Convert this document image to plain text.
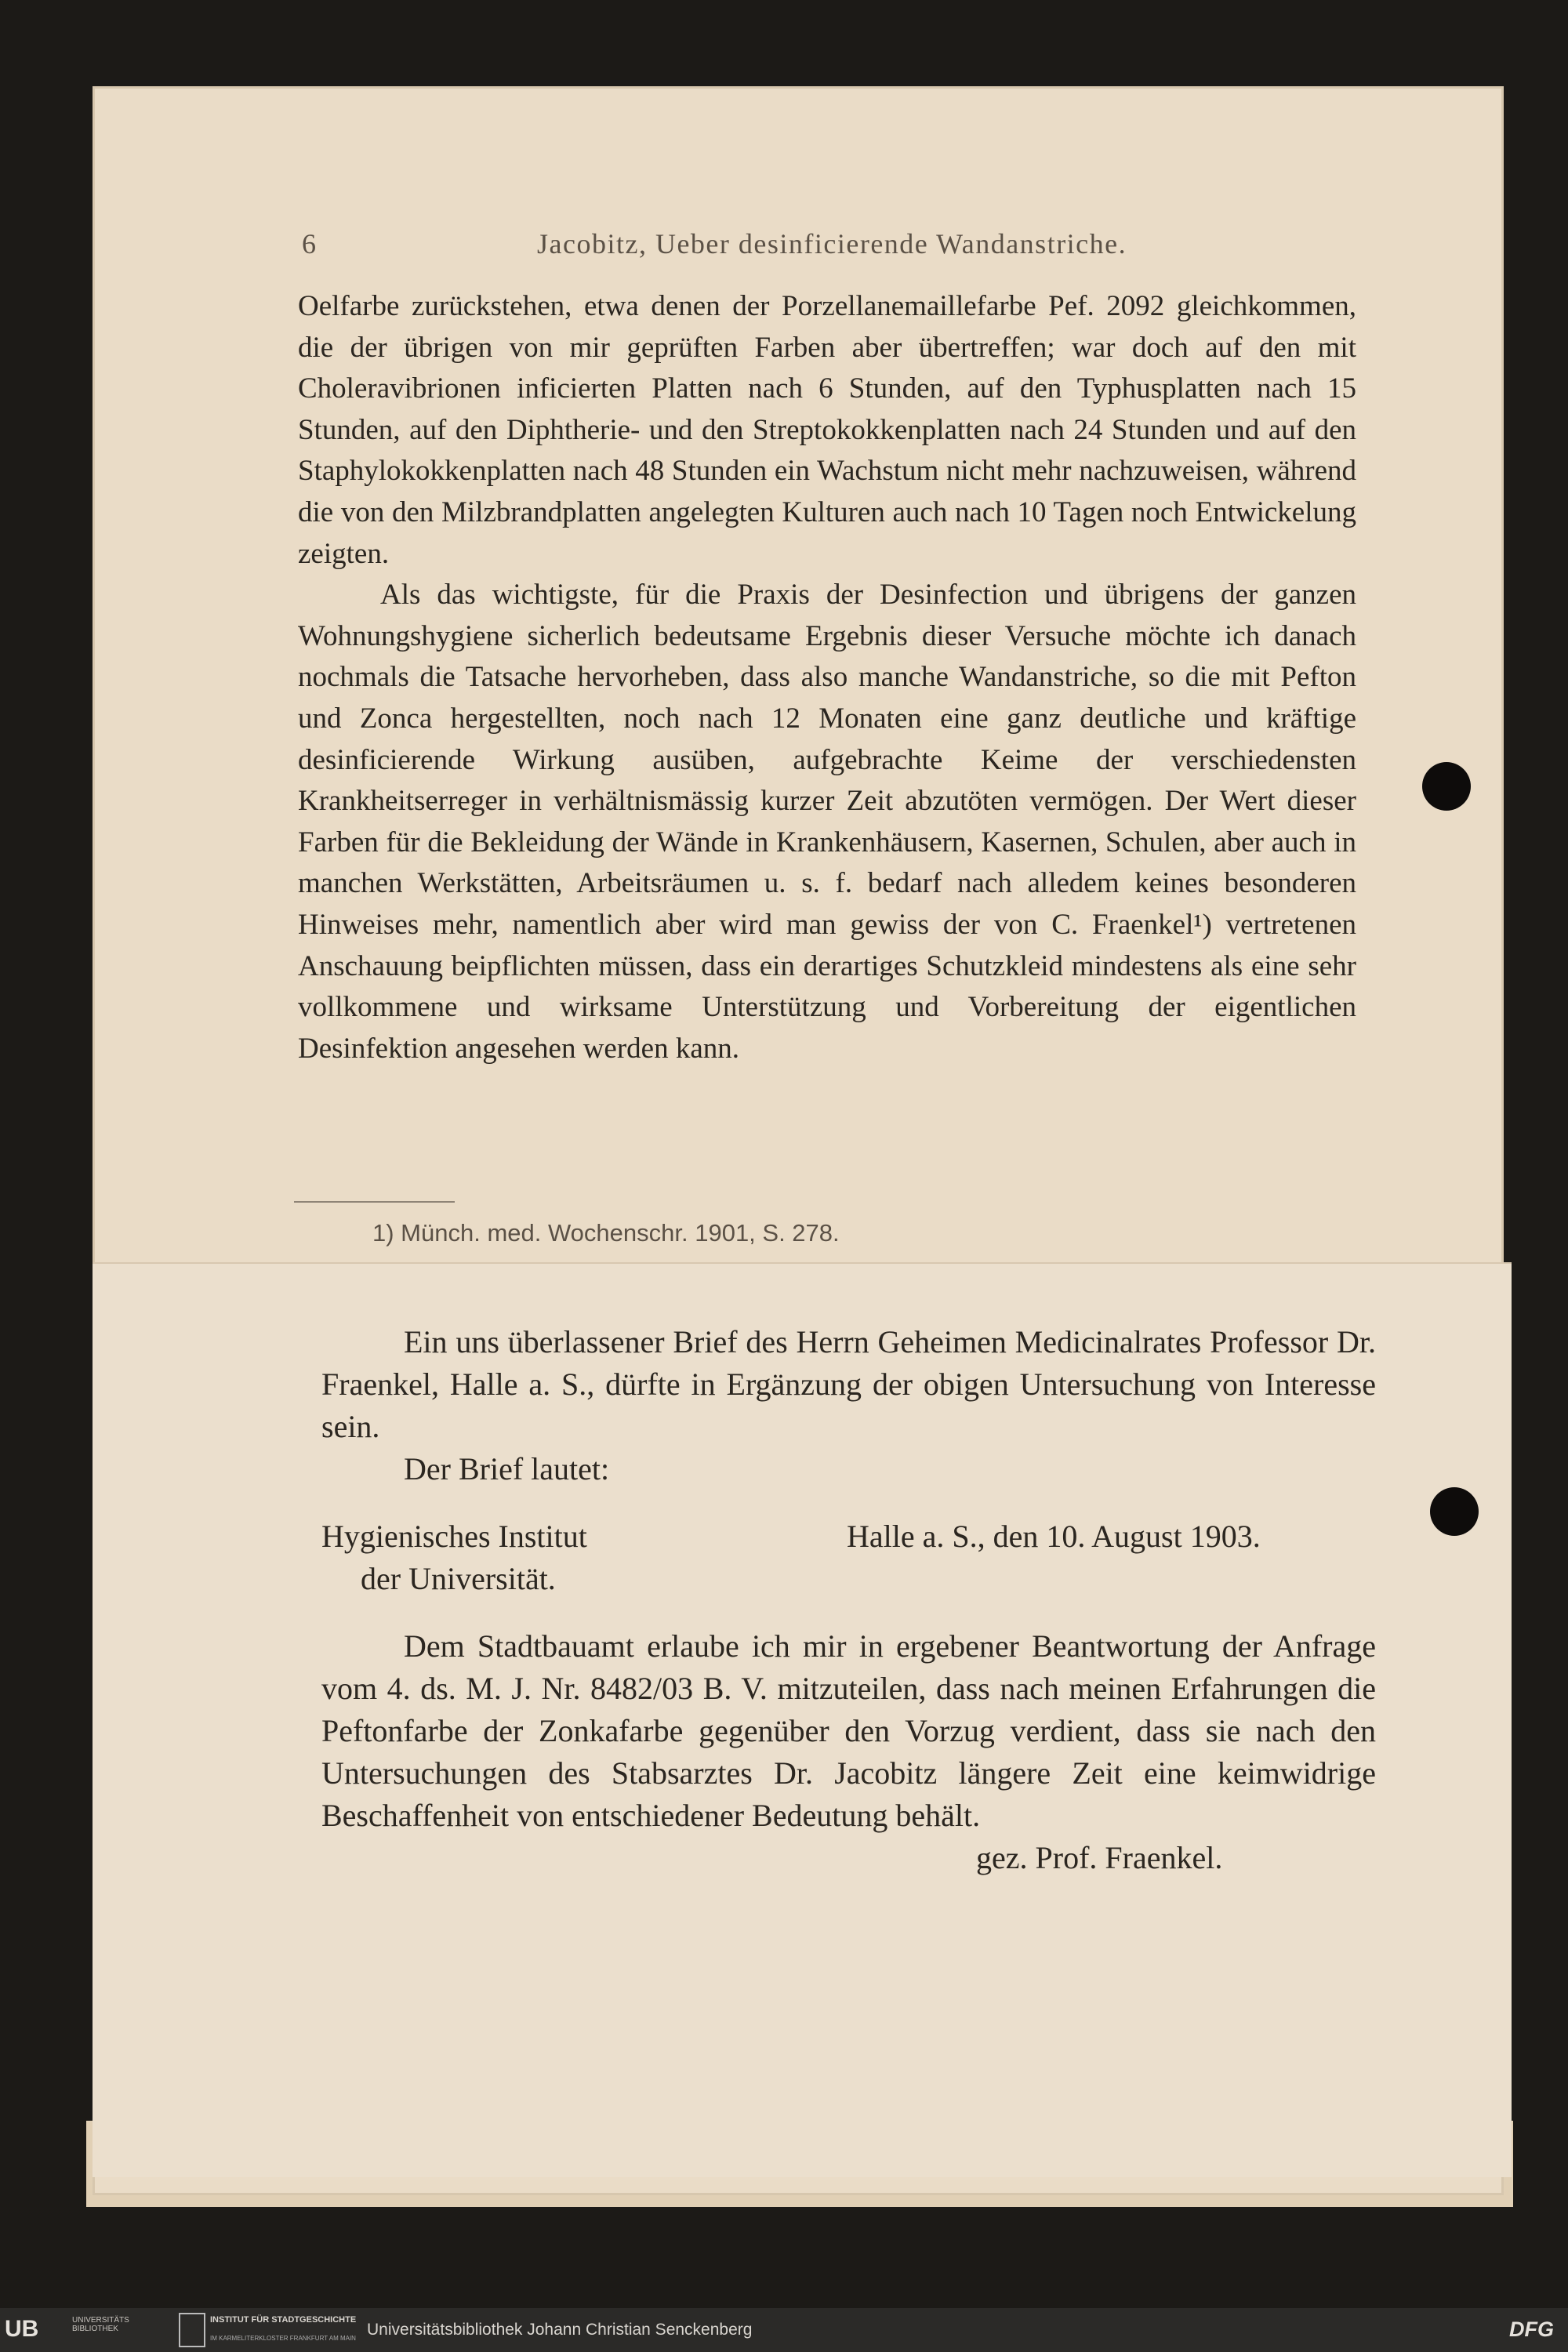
6	Jacobitz, Ueber desinficierende Wandanstriche.

Oelfarbe zurückstehen, etwa denen der Porzellanemaillefarbe Pef. 2092 gleichkommen, die der übrigen von mir geprüften Farben aber übertreffen; war doch auf den mit Choleravibrionen inficierten Platten nach 6 Stunden, auf den Typhusplatten nach 15 Stunden, auf den Diphtherie- und den Streptokokkenplatten nach 24 Stunden und auf den Staphylokokkenplatten nach 48 Stunden ein Wachstum nicht mehr nachzuweisen, während die von den Milzbrandplatten angelegten Kulturen auch nach 10 Tagen noch Entwickelung zeigten.

Als das wichtigste, für die Praxis der Desinfection und übrigens der ganzen Wohnungshygiene sicherlich bedeutsame Ergebnis dieser Versuche möchte ich danach nochmals die Tatsache hervorheben, dass also manche Wandanstriche, so die mit Pefton und Zonca hergestellten, noch nach 12 Monaten eine ganz deutliche und kräftige desinficierende Wirkung ausüben, aufgebrachte Keime der verschiedensten Krankheitserreger in verhältnismässig kurzer Zeit abzutöten vermögen. Der Wert dieser Farben für die Bekleidung der Wände in Krankenhäusern, Kasernen, Schulen, aber auch in manchen Werkstätten, Arbeitsräumen u. s. f. bedarf nach alledem keines besonderen Hinweises mehr, namentlich aber wird man gewiss der von C. Fraenkel¹) vertretenen Anschauung beipflichten müssen, dass ein derartiges Schutzkleid mindestens als eine sehr vollkommene und wirksame Unterstützung und Vorbereitung der eigentlichen Desinfektion angesehen werden kann.

1) Münch. med. Wochenschr. 1901, S. 278.

Ein uns überlassener Brief des Herrn Geheimen Medicinalrates Professor Dr. Fraenkel, Halle a. S., dürfte in Ergänzung der obigen Untersuchung von Interesse sein.

Der Brief lautet:

Hygienisches Institut
der Universität.
Halle a. S., den 10. August 1903.

Dem Stadtbauamt erlaube ich mir in ergebener Beantwortung der Anfrage vom 4. ds. M. J. Nr. 8482/03 B. V. mitzuteilen, dass nach meinen Erfahrungen die Peftonfarbe der Zonkafarbe gegenüber den Vorzug verdient, dass sie nach den Untersuchungen des Stabsarztes Dr. Jacobitz längere Zeit eine keimwidrige Beschaffenheit von entschiedener Bedeutung behält.

gez. Prof. Fraenkel.
UB	UNIVERSITÄTS BIBLIOTHEK
INSTITUT FÜR STADTGESCHICHTE
IM KARMELITERKLOSTER FRANKFURT AM MAIN Universitätsbibliothek Johann Christian Senckenberg	DFG
